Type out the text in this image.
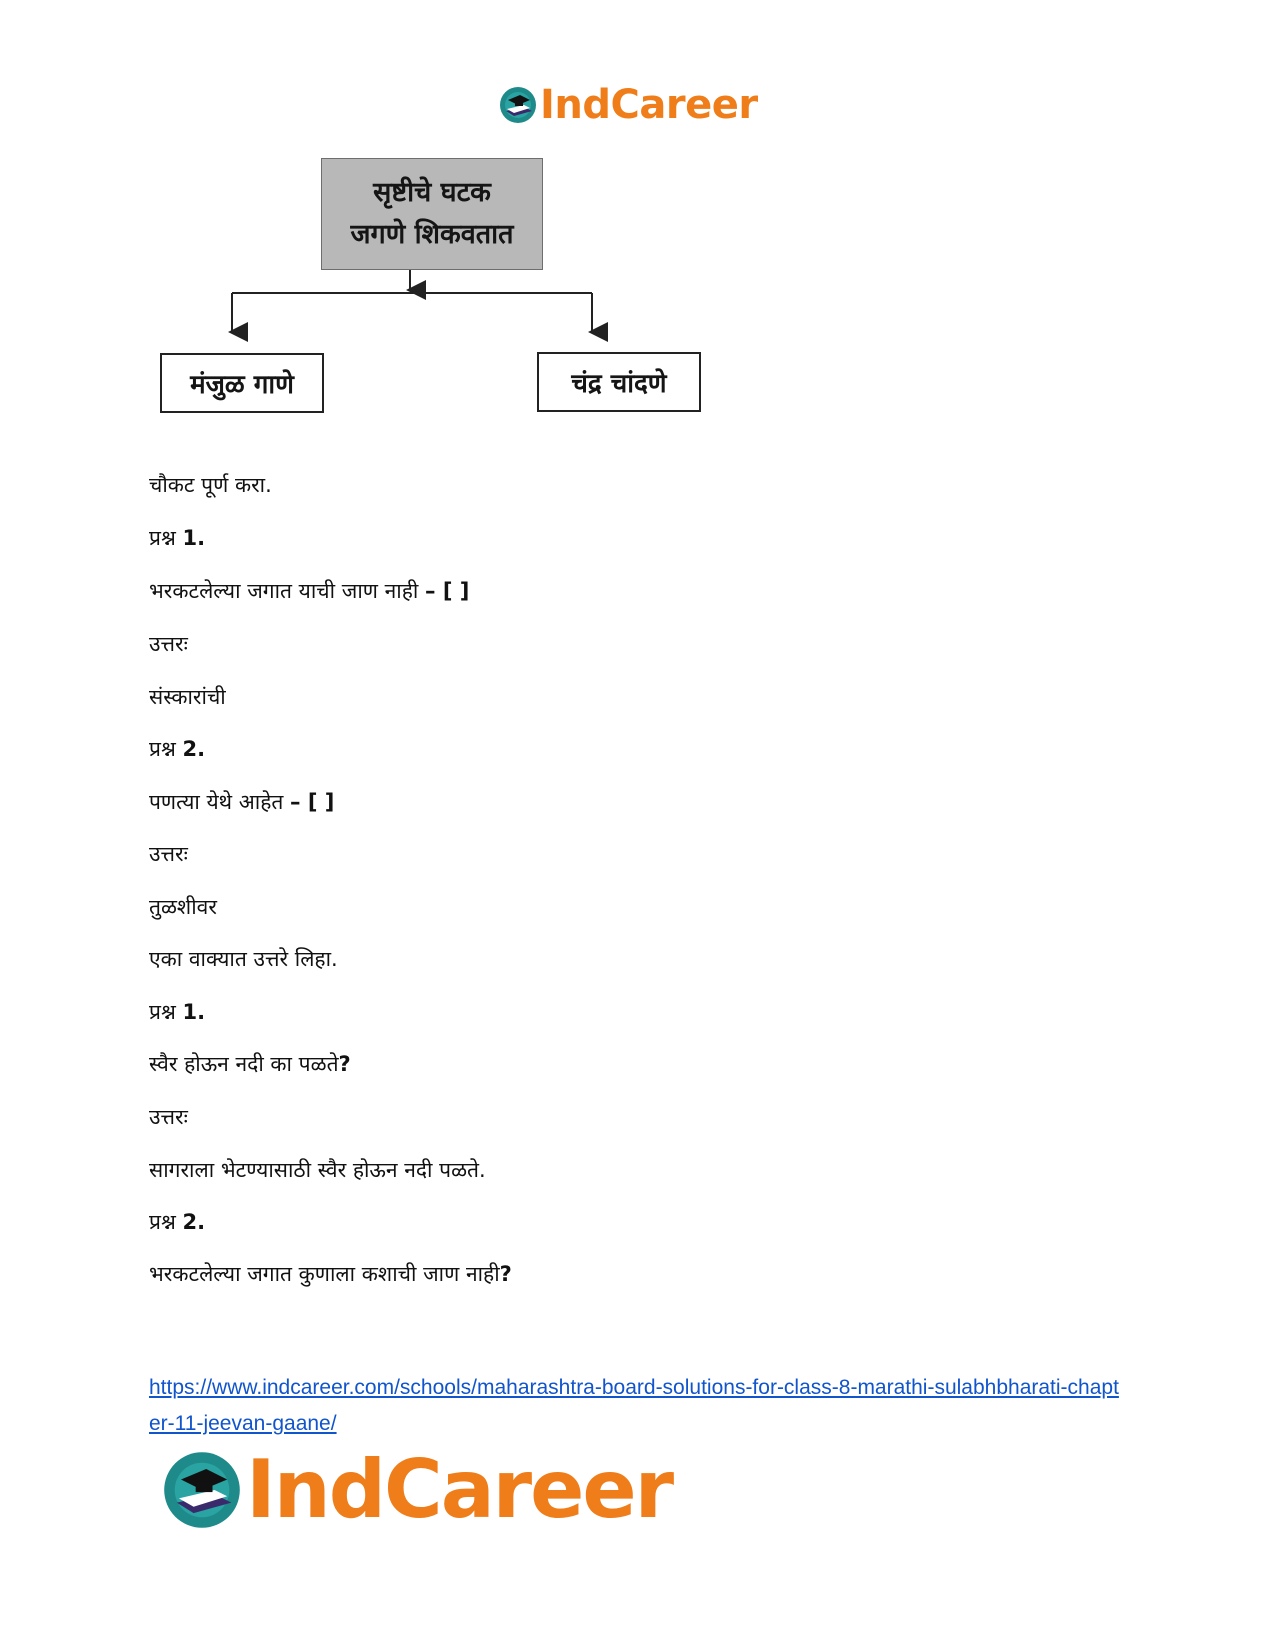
IndCareer
सृष्टीचे घटक
जगणे शिकवतात
मंजुळ गाणे	चंद्र चांदणे
चौकट पूर्ण करा.
प्रश्न 1.
भरकटलेल्या जगात याची जाण नाही – [ ]
उत्तरः
संस्कारांची
प्रश्न 2.
पणत्या येथे आहेत – [ ]
उत्तरः
तुळशीवर
एका वाक्यात उत्तरे लिहा.
प्रश्न 1.
स्वैर होऊन नदी का पळते?
उत्तरः
सागराला भेटण्यासाठी स्वैर होऊन नदी पळते.
प्रश्न 2.
भरकटलेल्या जगात कुणाला कशाची जाण नाही?
https://www.indcareer.com/schools/maharashtra-board-solutions-for-class-8-marathi-sulabhbharati-chapter-11-jeevan-gaane/
IndCareer
